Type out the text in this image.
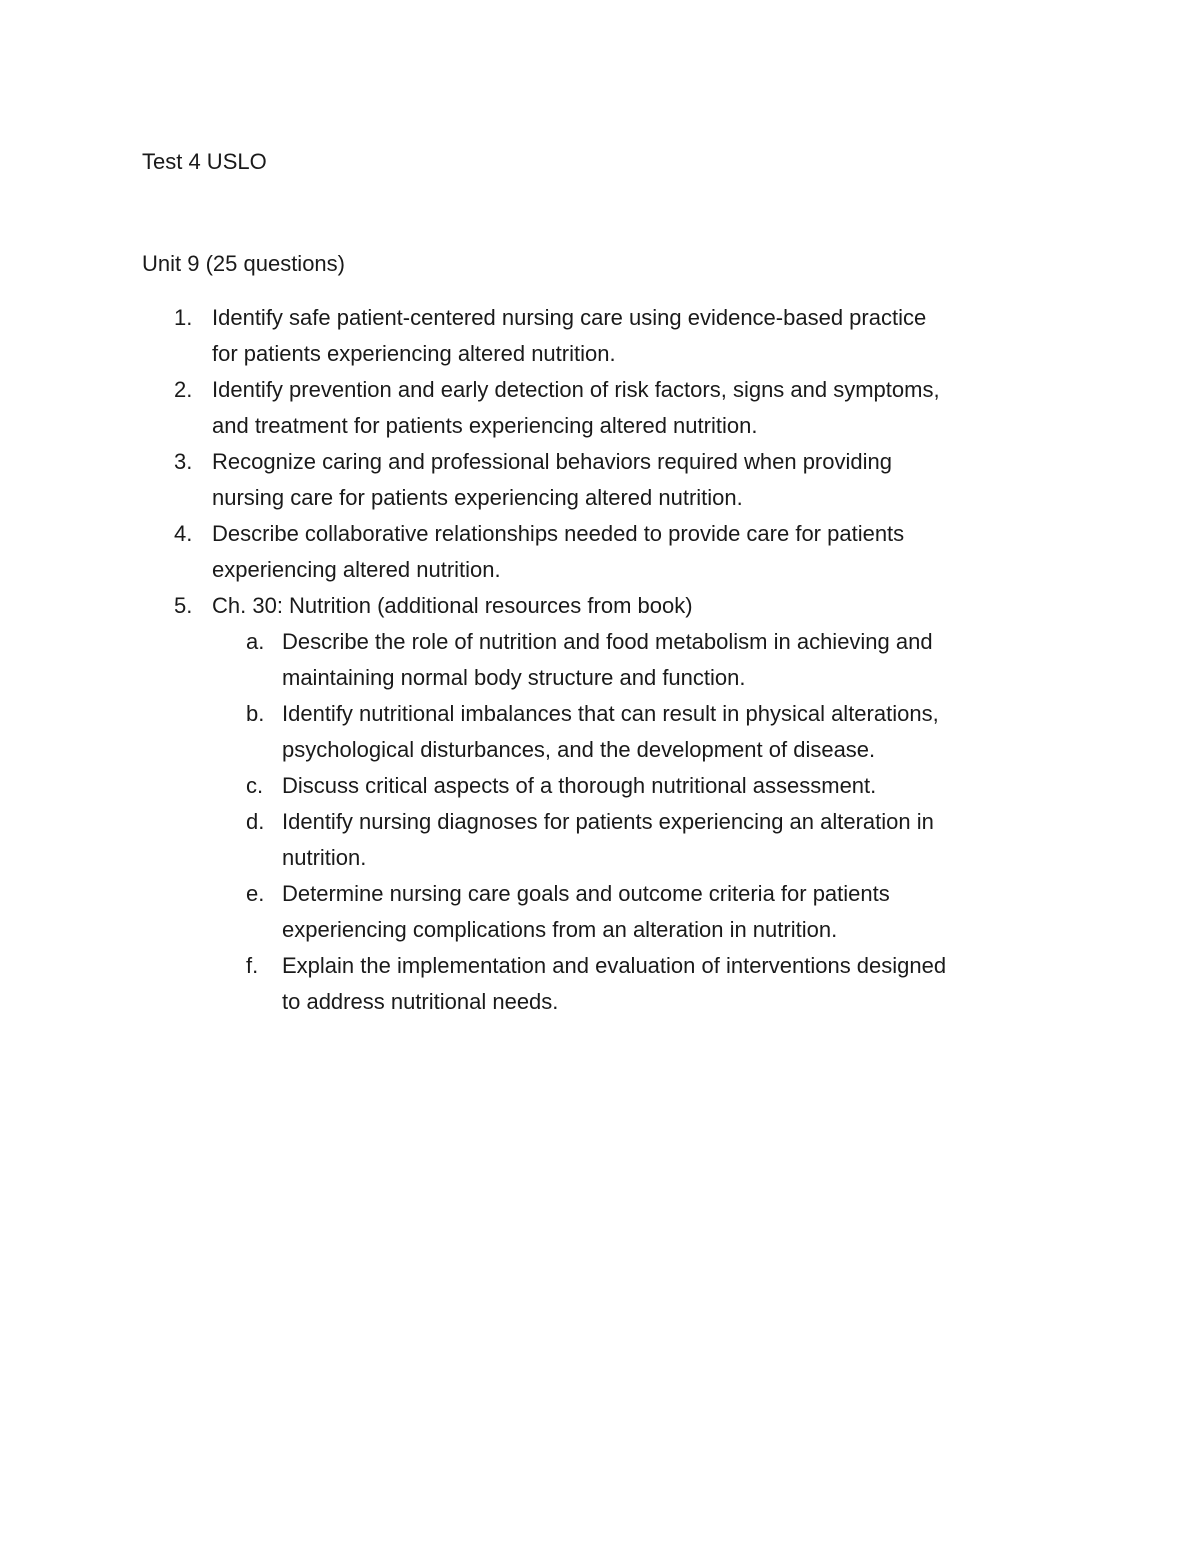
Test 4 USLO
Unit 9 (25 questions)
1. Identify safe patient-centered nursing care using evidence-based practice
for patients experiencing altered nutrition.
2. Identify prevention and early detection of risk factors, signs and symptoms,
and treatment for patients experiencing altered nutrition.
3. Recognize caring and professional behaviors required when providing
nursing care for patients experiencing altered nutrition.
4. Describe collaborative relationships needed to provide care for patients
experiencing altered nutrition.
5. Ch. 30: Nutrition (additional resources from book)
a. Describe the role of nutrition and food metabolism in achieving and
maintaining normal body structure and function.
b. Identify nutritional imbalances that can result in physical alterations,
psychological disturbances, and the development of disease.
c. Discuss critical aspects of a thorough nutritional assessment.
d. Identify nursing diagnoses for patients experiencing an alteration in
nutrition.
e. Determine nursing care goals and outcome criteria for patients
experiencing complications from an alteration in nutrition.
f. Explain the implementation and evaluation of interventions designed
to address nutritional needs.
